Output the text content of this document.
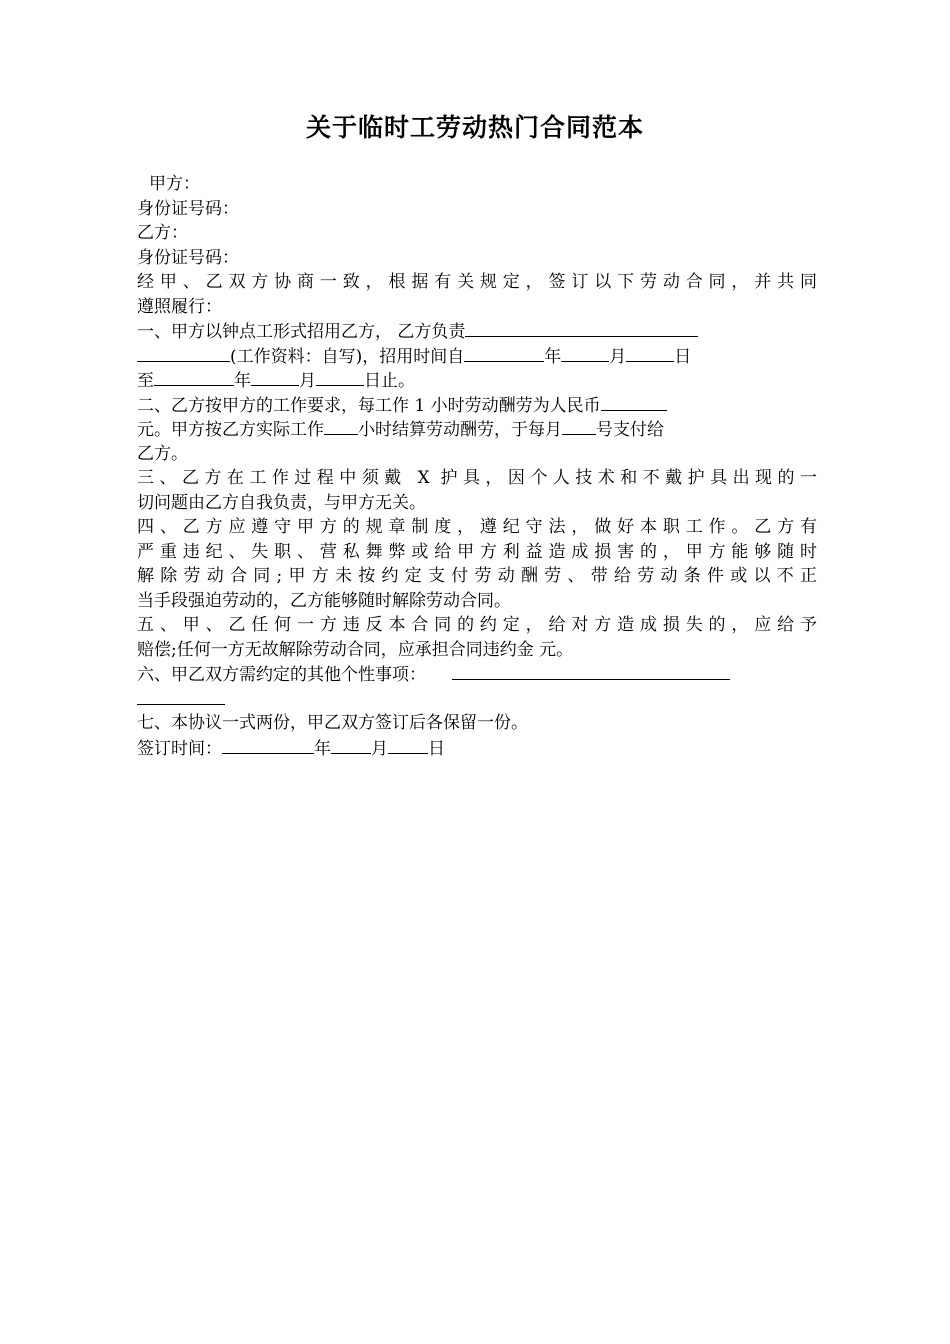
关于临时工劳动热门合同范本
甲方：
身份证号码：
乙方：
身份证号码：
经甲、乙双方协商一致，根据有关规定，签订以下劳动合同，并共同
遵照履行：
一、甲方以钟点工形式招用乙方， 乙方负责
(工作资料：自写)，招用时间自	年	月	日
至	年	月	日止。
二、乙方按甲方的工作要求，每工作 1 小时劳动酬劳为人民币
元。甲方按乙方实际工作 小时结算劳动酬劳，于每月 号支付给
乙方。
三、乙方在工作过程中须戴 X 护具，因个人技术和不戴护具出现的一
切问题由乙方自我负责，与甲方无关。
四、乙方应遵守甲方的规章制度，遵纪守法，做好本职工作。乙方有
严重违纪、失职、营私舞弊或给甲方利益造成损害的，甲方能够随时
解除劳动合同;甲方未按约定支付劳动酬劳、带给劳动条件或以不正
当手段强迫劳动的，乙方能够随时解除劳动合同。
五、甲、乙任何一方违反本合同的约定，给对方造成损失的，应给予
赔偿;任何一方无故解除劳动合同，应承担合同违约金 元。
六、甲乙双方需约定的其他个性事项：
七、本协议一式两份，甲乙双方签订后各保留一份。
签订时间：	年 月 日
